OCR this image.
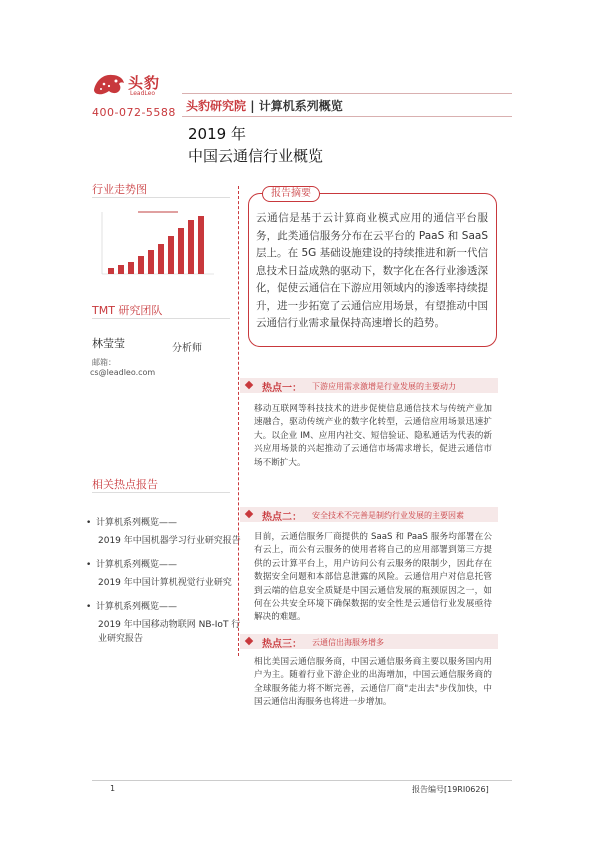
头豹
LeadLeo
400-072-5588 头豹研究院 | 计算机系列概览
2019 年
中国云通信行业概览
行业走势图
TMT 研究团队
林莹莹	分析师
邮箱：
cs@leadleo.com
相关热点报告
• 计算机系列概览——
2019 年中国机器学习行业研究报告
• 计算机系列概览——
2019 年中国计算机视觉行业研究
• 计算机系列概览——
2019 年中国移动物联网 NB-IoT 行业研究报告
报告摘要
云通信是基于云计算商业模式应用的通信平台服务，此类通信服务分布在云平台的 PaaS 和 SaaS 层上。在 5G 基础设施建设的持续推进和新一代信息技术日益成熟的驱动下，数字化在各行业渗透深化，促使云通信在下游应用领域内的渗透率持续提升，进一步拓宽了云通信应用场景，有望推动中国云通信行业需求量保持高速增长的趋势。
热点一： 下游应用需求激增是行业发展的主要动力
移动互联网等科技技术的进步促使信息通信技术与传统产业加速融合，驱动传统产业的数字化转型，云通信应用场景迅速扩大。以企业 IM、应用内社交、短信验证、隐私通话为代表的新兴应用场景的兴起推动了云通信市场需求增长，促进云通信市场不断扩大。
热点二： 安全技术不完善是制约行业发展的主要因素
目前，云通信服务厂商提供的 SaaS 和 PaaS 服务均部署在公有云上，而公有云服务的使用者将自己的应用部署到第三方提供的云计算平台上，用户访问公有云服务的限制少，因此存在数据安全问题和本部信息泄露的风险。云通信用户对信息托管到云端的信息安全质疑是中国云通信发展的瓶颈原因之一，如何在公共安全环境下确保数据的安全性是云通信行业发展亟待解决的难题。
热点三： 云通信出海服务增多
相比美国云通信服务商，中国云通信服务商主要以服务国内用户为主。随着行业下游企业的出海增加，中国云通信服务商的全球服务能力将不断完善，云通信厂商"走出去"步伐加快，中国云通信出海服务也将进一步增加。
1	报告编号[19RI0626]
